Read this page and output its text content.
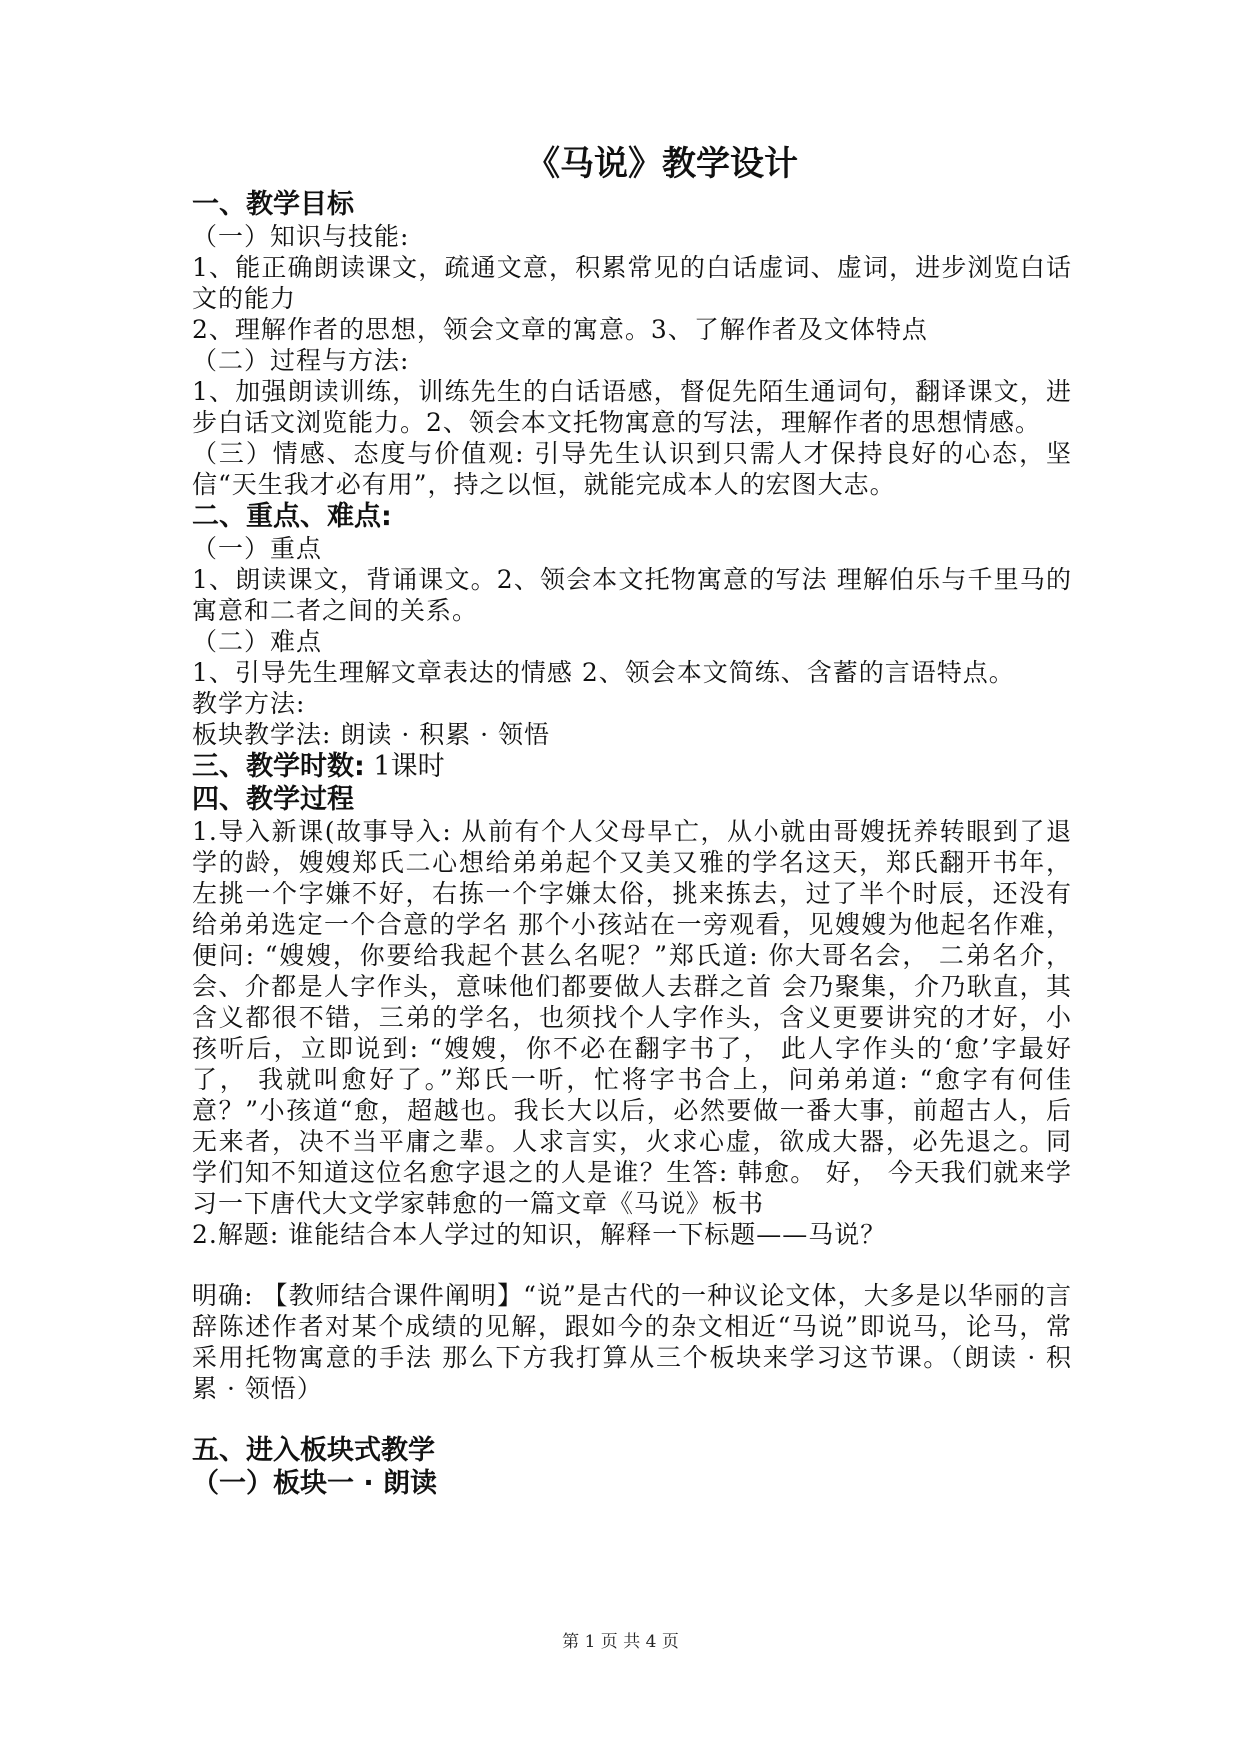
《马说》教学设计
一、教学目标
（一）知识与技能:
1、能正确朗读课文，疏通文意，积累常见的白话虚词、虚词，进步浏览白话文的能力
2、理解作者的思想，领会文章的寓意。3、了解作者及文体特点
（二）过程与方法:
1、加强朗读训练，训练先生的白话语感，督促先陌生通词句，翻译课文，进步白话文浏览能力。2、领会本文托物寓意的写法，理解作者的思想情感。
（三）情感、态度与价值观: 引导先生认识到只需人才保持良好的心态，坚信“天生我才必有用”，持之以恒，就能完成本人的宏图大志。
二、重点、难点:
（一）重点
1、朗读课文，背诵课文。2、领会本文托物寓意的写法 理解伯乐与千里马的寓意和二者之间的关系。
（二）难点
1、引导先生理解文章表达的情感 2、领会本文简练、含蓄的言语特点。
教学方法:
板块教学法: 朗读 · 积累 · 领悟
三、教学时数: 1课时
四、教学过程
1.导入新课(故事导入: 从前有个人父母早亡，从小就由哥嫂抚养转眼到了退学的龄，嫂嫂郑氏二心想给弟弟起个又美又雅的学名这天，郑氏翻开书年，左挑一个字嫌不好，右拣一个字嫌太俗，挑来拣去，过了半个时辰，还没有给弟弟选定一个合意的学名 那个小孩站在一旁观看，见嫂嫂为他起名作难，便问: “嫂嫂，你要给我起个甚么名呢？”郑氏道: 你大哥名会， 二弟名介， 会、介都是人字作头，意味他们都要做人去群之首 会乃聚集，介乃耿直，其含义都很不错，三弟的学名，也须找个人字作头，含义更要讲究的才好，小孩听后，立即说到: “嫂嫂，你不必在翻字书了， 此人字作头的‘愈’字最好了， 我就叫愈好了。”郑氏一听，忙将字书合上，问弟弟道: “愈字有何佳意？”小孩道“愈，超越也。我长大以后，必然要做一番大事，前超古人，后无来者，决不当平庸之辈。人求言实，火求心虚，欲成大器，必先退之。同学们知不知道这位名愈字退之的人是谁？生答: 韩愈。 好， 今天我们就来学习一下唐代大文学家韩愈的一篇文章《马说》板书
2.解题: 谁能结合本人学过的知识，解释一下标题——马说？
明确: 【教师结合课件阐明】“说”是古代的一种议论文体，大多是以华丽的言辞陈述作者对某个成绩的见解，跟如今的杂文相近“马说”即说马，论马，常采用托物寓意的手法 那么下方我打算从三个板块来学习这节课。（朗读 · 积累 · 领悟）
五、进入板块式教学
（一）板块一 · 朗读
第 1 页 共 4 页
